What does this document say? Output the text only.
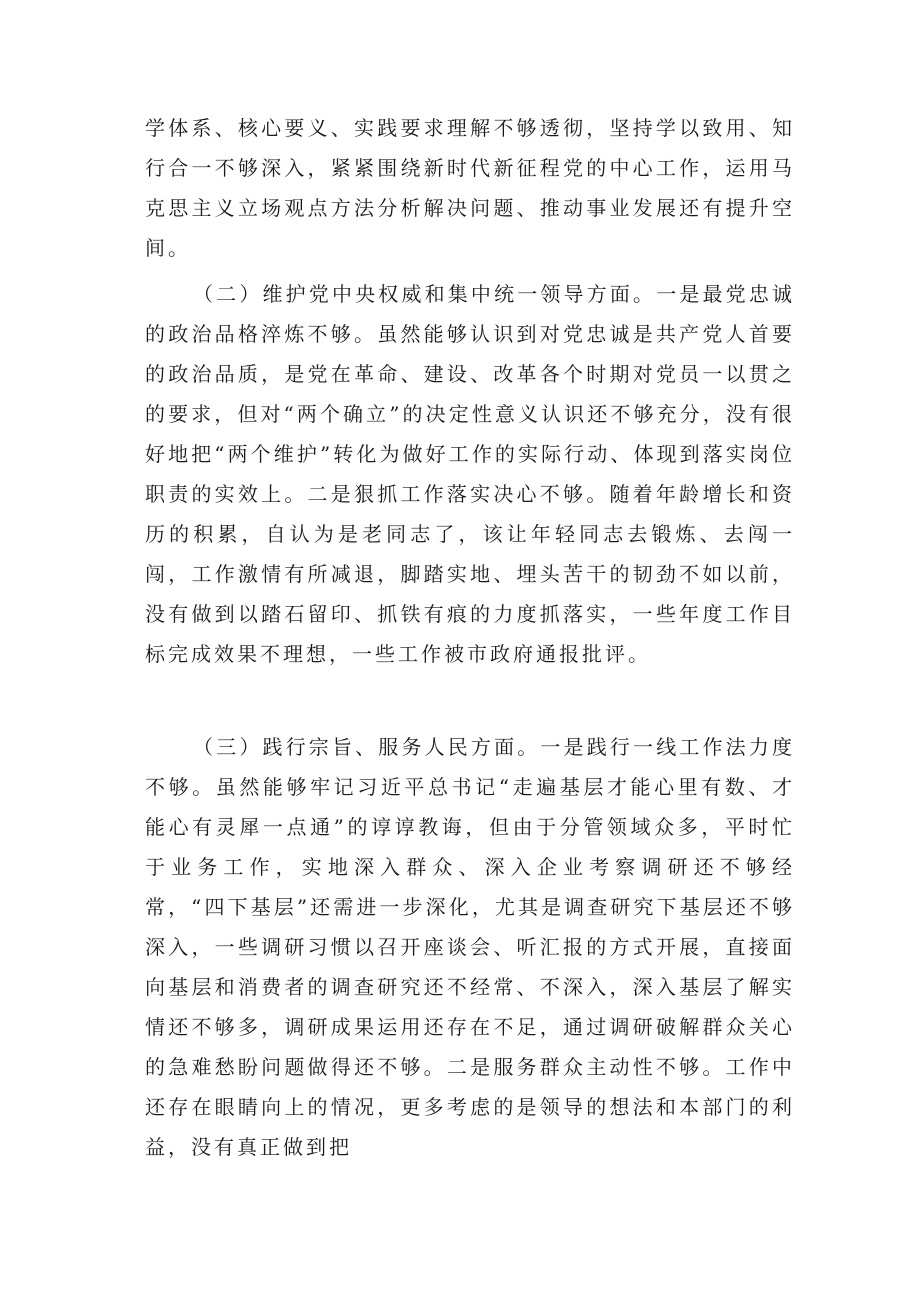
学体系、核心要义、实践要求理解不够透彻，坚持学以致用、知行合一不够深入，紧紧围绕新时代新征程党的中心工作，运用马克思主义立场观点方法分析解决问题、推动事业发展还有提升空间。

（二）维护党中央权威和集中统一领导方面。一是最党忠诚的政治品格淬炼不够。虽然能够认识到对党忠诚是共产党人首要的政治品质，是党在革命、建设、改革各个时期对党员一以贯之的要求，但对“两个确立”的决定性意义认识还不够充分，没有很好地把“两个维护”转化为做好工作的实际行动、体现到落实岗位职责的实效上。二是狠抓工作落实决心不够。随着年龄增长和资历的积累，自认为是老同志了，该让年轻同志去锻炼、去闯一闯，工作激情有所减退，脚踏实地、埋头苦干的韧劲不如以前，没有做到以踏石留印、抓铁有痕的力度抓落实，一些年度工作目标完成效果不理想，一些工作被市政府通报批评。

（三）践行宗旨、服务人民方面。一是践行一线工作法力度不够。虽然能够牢记习近平总书记“走遍基层才能心里有数、才能心有灵犀一点通”的谆谆教诲，但由于分管领域众多，平时忙于业务工作，实地深入群众、深入企业考察调研还不够经常，“四下基层”还需进一步深化，尤其是调查研究下基层还不够深入，一些调研习惯以召开座谈会、听汇报的方式开展，直接面向基层和消费者的调查研究还不经常、不深入，深入基层了解实情还不够多，调研成果运用还存在不足，通过调研破解群众关心的急难愁盼问题做得还不够。二是服务群众主动性不够。工作中还存在眼睛向上的情况，更多考虑的是领导的想法和本部门的利益，没有真正做到把
